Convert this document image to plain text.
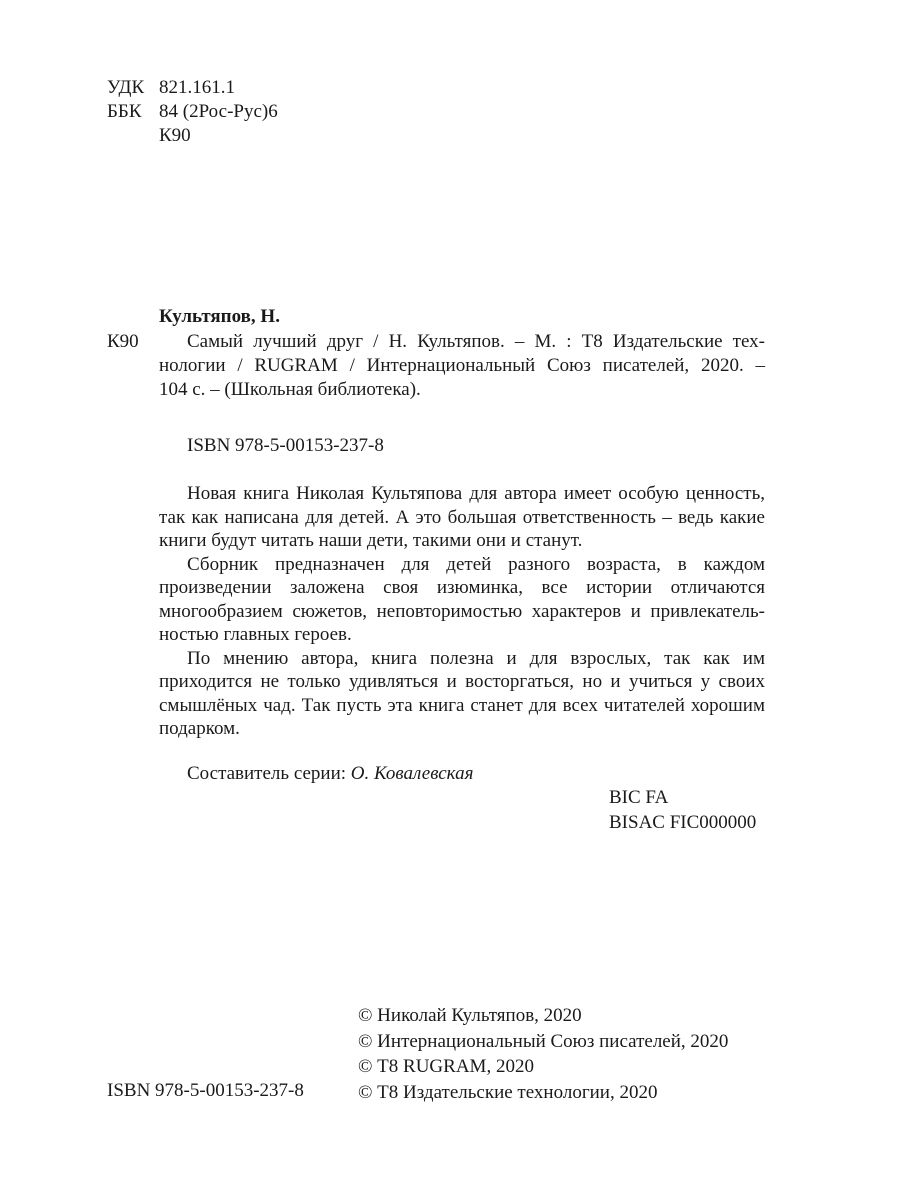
УДК 821.161.1
ББК 84 (2Рос-Рус)6
К90
Культяпов, Н.
К90	Самый лучший друг / Н. Культяпов. – М. : Т8 Издательские тех-
нологии / RUGRAM / Интернациональный Союз писателей, 2020. –
104 с. – (Школьная библиотека).
ISBN 978-5-00153-237-8
Новая книга Николая Культяпова для автора имеет особую ценность,
так как написана для детей. А это большая ответственность – ведь какие
книги будут читать наши дети, такими они и станут.
Сборник предназначен для детей разного возраста, в каждом
произведении заложена своя изюминка, все истории отличаются
многообразием сюжетов, неповторимостью характеров и привлекатель-
ностью главных героев.
По мнению автора, книга полезна и для взрослых, так как им
приходится не только удивляться и восторгаться, но и учиться у своих
смышлёных чад. Так пусть эта книга станет для всех читателей хорошим
подарком.
Составитель серии: О. Ковалевская
BIC FA
BISAC FIC000000
© Николай Культяпов, 2020
© Интернациональный Союз писателей, 2020
© Т8 RUGRAM, 2020
© Т8 Издательские технологии, 2020
ISBN 978-5-00153-237-8
